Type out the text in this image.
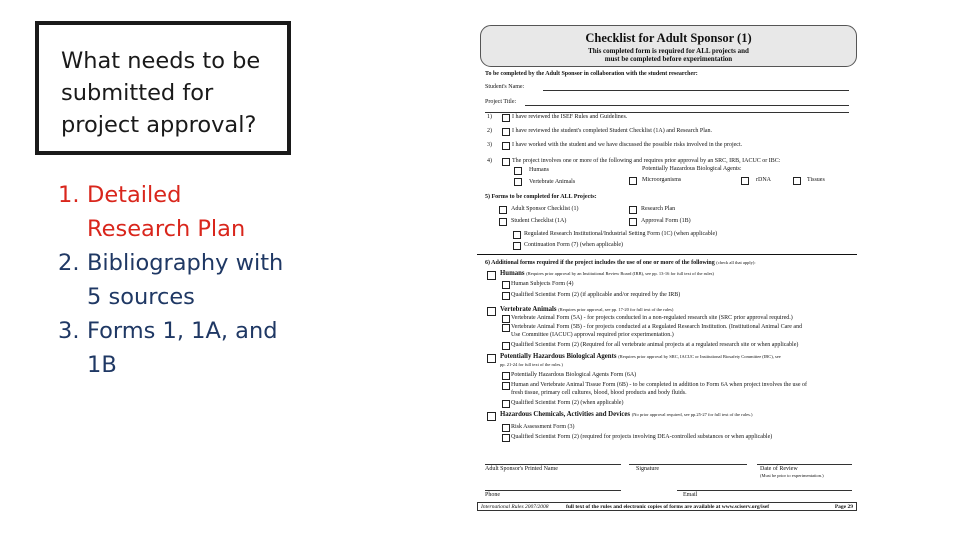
What needs to be submitted for project approval?

1. Detailed Research Plan
2. Bibliography with 5 sources
3. Forms 1, 1A, and 1B
Checklist for Adult Sponsor (1)
This completed form is required for ALL projects and
must be completed before experimentation
To be completed by the Adult Sponsor in collaboration with the student researcher:
Student's Name:
Project Title:
1)	I have reviewed the ISEF Rules and Guidelines.
2)	I have reviewed the student's completed Student Checklist (1A) and Research Plan.
3)	I have worked with the student and we have discussed the possible risks involved in the project.
4)	The project involves one or more of the following and requires prior approval by an SRC, IRB, IACUC or IBC:
Humans	Potentially Hazardous Biological Agents:
Vertebrate Animals	Microorganisms	rDNA	Tissues
5) Forms to be completed for ALL Projects:
Adult Sponsor Checklist (1)	Research Plan
Student Checklist (1A)	Approval Form (1B)
Regulated Research Institutional/Industrial Setting Form (1C) (when applicable)
Continuation Form (7) (when applicable)
6) Additional forms required if the project includes the use of one or more of the following (check all that apply):
Humans (Requires prior approval by an Institutional Review Board (IRB), see pp. 13-16 for full text of the rules)
Human Subjects Form (4)
Qualified Scientist Form (2) (if applicable and/or required by the IRB)
Vertebrate Animals (Requires prior approval, see pp. 17-20 for full text of the rules)
Vertebrate Animal Form (5A) - for projects conducted in a non-regulated research site (SRC prior approval required.)
Vertebrate Animal Form (5B) - for projects conducted at a Regulated Research Institution. (Institutional Animal Care and
Use Committee (IACUC) approval required prior experimentation.)
Qualified Scientist Form (2) (Required for all vertebrate animal projects at a regulated research site or when applicable)
Potentially Hazardous Biological Agents (Requires prior approval by SRC, IACUC or Institutional Biosafety Committee (IBC), see
pp. 21-24 for full text of the rules.)
Potentially Hazardous Biological Agents Form (6A)
Human and Vertebrate Animal Tissue Form (6B) - to be completed in addition to Form 6A when project involves the use of
fresh tissue, primary cell cultures, blood, blood products and body fluids.
Qualified Scientist Form (2) (when applicable)
Hazardous Chemicals, Activities and Devices (No prior approval required, see pp.25-27 for full text of the rules.)
Risk Assessment Form (3)
Qualified Scientist Form (2) (required for projects involving DEA-controlled substances or when applicable)
Adult Sponsor's Printed Name	Signature	Date of Review
(Must be prior to experimentation.)
Phone	Email
International Rules 2007/2008	full text of the rules and electronic copies of forms are available at www.sciserv.org/isef	Page 29
